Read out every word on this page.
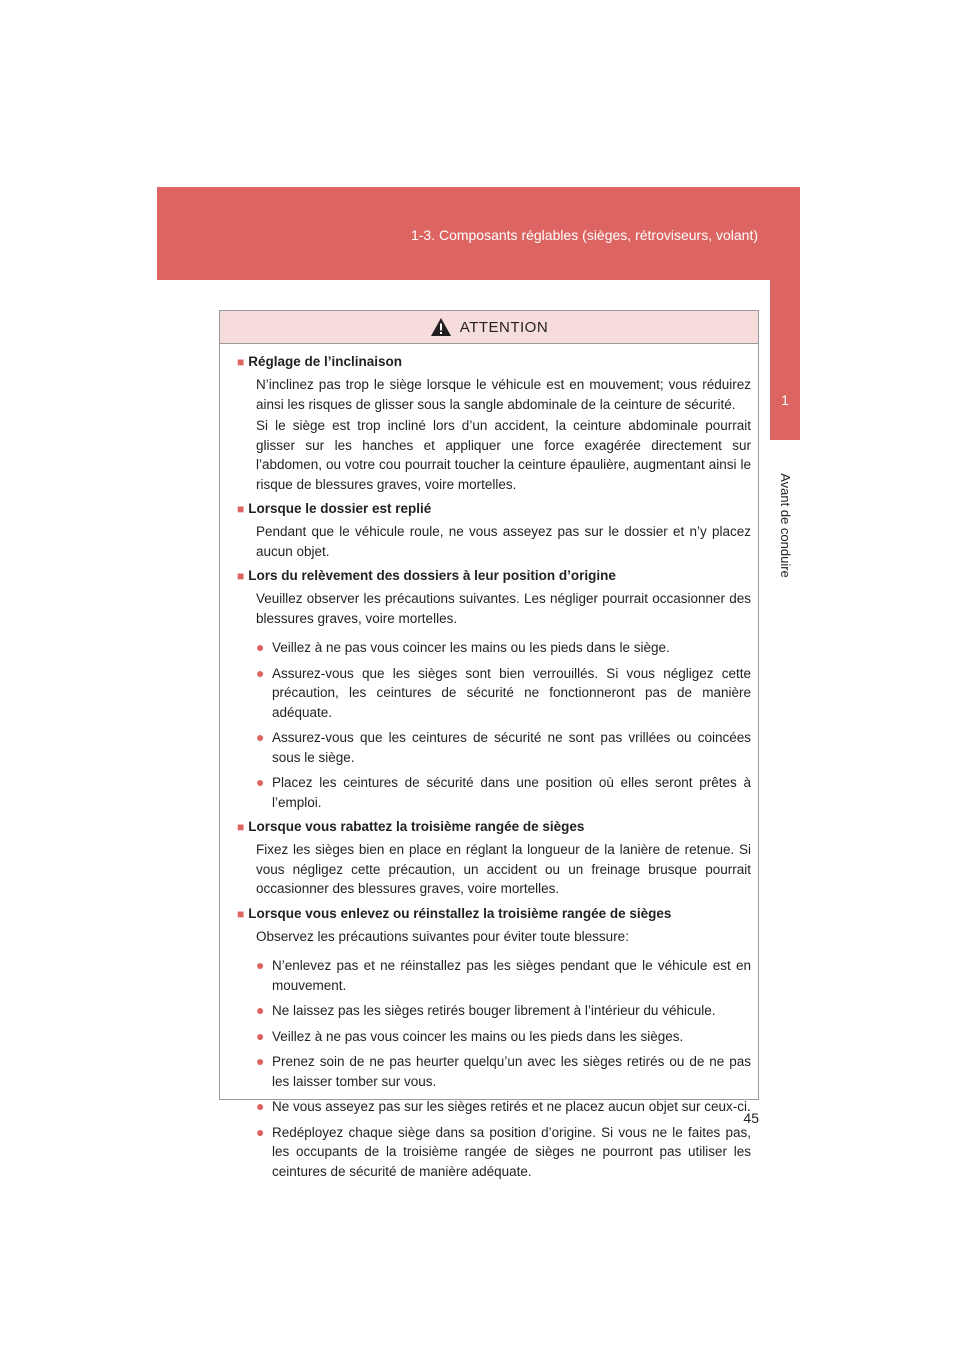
1-3. Composants réglables (sièges, rétroviseurs, volant)
1
Avant de conduire
ATTENTION
■ Réglage de l’inclinaison
N’inclinez pas trop le siège lorsque le véhicule est en mouvement; vous réduirez ainsi les risques de glisser sous la sangle abdominale de la ceinture de sécurité.
Si le siège est trop incliné lors d’un accident, la ceinture abdominale pourrait glisser sur les hanches et appliquer une force exagérée directement sur l’abdomen, ou votre cou pourrait toucher la ceinture épaulière, augmentant ainsi le risque de blessures graves, voire mortelles.
■ Lorsque le dossier est replié
Pendant que le véhicule roule, ne vous asseyez pas sur le dossier et n’y placez aucun objet.
■ Lors du relèvement des dossiers à leur position d’origine
Veuillez observer les précautions suivantes. Les négliger pourrait occasionner des blessures graves, voire mortelles.
● Veillez à ne pas vous coincer les mains ou les pieds dans le siège.
● Assurez-vous que les sièges sont bien verrouillés. Si vous négligez cette précaution, les ceintures de sécurité ne fonctionneront pas de manière adéquate.
● Assurez-vous que les ceintures de sécurité ne sont pas vrillées ou coincées sous le siège.
● Placez les ceintures de sécurité dans une position où elles seront prêtes à l’emploi.
■ Lorsque vous rabattez la troisième rangée de sièges
Fixez les sièges bien en place en réglant la longueur de la lanière de retenue. Si vous négligez cette précaution, un accident ou un freinage brusque pourrait occasionner des blessures graves, voire mortelles.
■ Lorsque vous enlevez ou réinstallez la troisième rangée de sièges
Observez les précautions suivantes pour éviter toute blessure:
● N’enlevez pas et ne réinstallez pas les sièges pendant que le véhicule est en mouvement.
● Ne laissez pas les sièges retirés bouger librement à l’intérieur du véhicule.
● Veillez à ne pas vous coincer les mains ou les pieds dans les sièges.
● Prenez soin de ne pas heurter quelqu’un avec les sièges retirés ou de ne pas les laisser tomber sur vous.
● Ne vous asseyez pas sur les sièges retirés et ne placez aucun objet sur ceux-ci.
● Redéployez chaque siège dans sa position d’origine. Si vous ne le faites pas, les occupants de la troisième rangée de sièges ne pourront pas utiliser les ceintures de sécurité de manière adéquate.
45
